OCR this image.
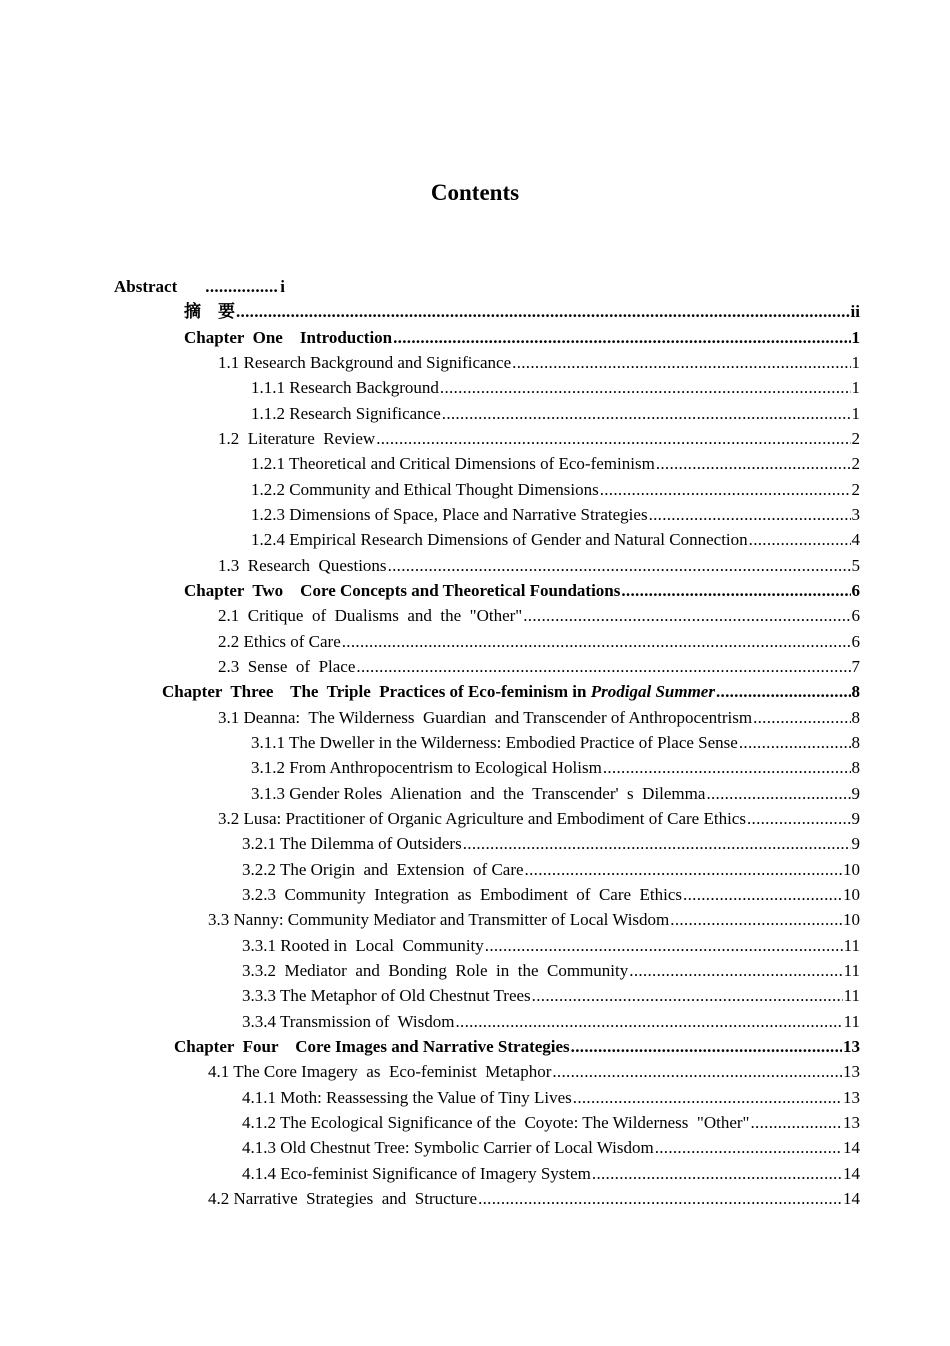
Contents
Abstract .....	i
摘　要 .....	ii
Chapter  One    Introduction .....	1
1.1 Research Background and Significance .....	1
1.1.1 Research Background .....	1
1.1.2 Research Significance .....	1
1.2  Literature  Review .....	2
1.2.1 Theoretical and Critical Dimensions of Eco-feminism .....	2
1.2.2 Community and Ethical Thought Dimensions .....	2
1.2.3 Dimensions of Space, Place and Narrative Strategies .....	3
1.2.4 Empirical Research Dimensions of Gender and Natural Connection .....	4
1.3  Research  Questions .....	5
Chapter  Two    Core Concepts and Theoretical Foundations .....	6
2.1  Critique  of  Dualisms  and  the  "Other" .....	6
2.2 Ethics of Care .....	6
2.3  Sense  of  Place .....	7
Chapter  Three    The  Triple  Practices of Eco-feminism in Prodigal Summer .....	8
3.1 Deanna:  The Wilderness  Guardian  and Transcender of Anthropocentrism .....	8
3.1.1 The Dweller in the Wilderness: Embodied Practice of Place Sense .....	8
3.1.2 From Anthropocentrism to Ecological Holism .....	8
3.1.3 Gender Roles  Alienation  and  the  Transcender'  s  Dilemma .....	9
3.2 Lusa: Practitioner of Organic Agriculture and Embodiment of Care Ethics .....	9
3.2.1 The Dilemma of Outsiders .....	9
3.2.2 The Origin  and  Extension  of Care .....	10
3.2.3  Community  Integration  as  Embodiment  of  Care  Ethics .....	10
3.3 Nanny: Community Mediator and Transmitter of Local Wisdom .....	10
3.3.1 Rooted in  Local  Community .....	11
3.3.2  Mediator  and  Bonding  Role  in  the  Community .....	11
3.3.3 The Metaphor of Old Chestnut Trees .....	11
3.3.4 Transmission of  Wisdom .....	11
Chapter  Four    Core Images and Narrative Strategies .....	13
4.1 The Core Imagery  as  Eco-feminist  Metaphor .....	13
4.1.1 Moth: Reassessing the Value of Tiny Lives .....	13
4.1.2 The Ecological Significance of the  Coyote: The Wilderness  "Other" .....	13
4.1.3 Old Chestnut Tree: Symbolic Carrier of Local Wisdom .....	14
4.1.4 Eco-feminist Significance of Imagery System .....	14
4.2 Narrative  Strategies  and  Structure .....	14
